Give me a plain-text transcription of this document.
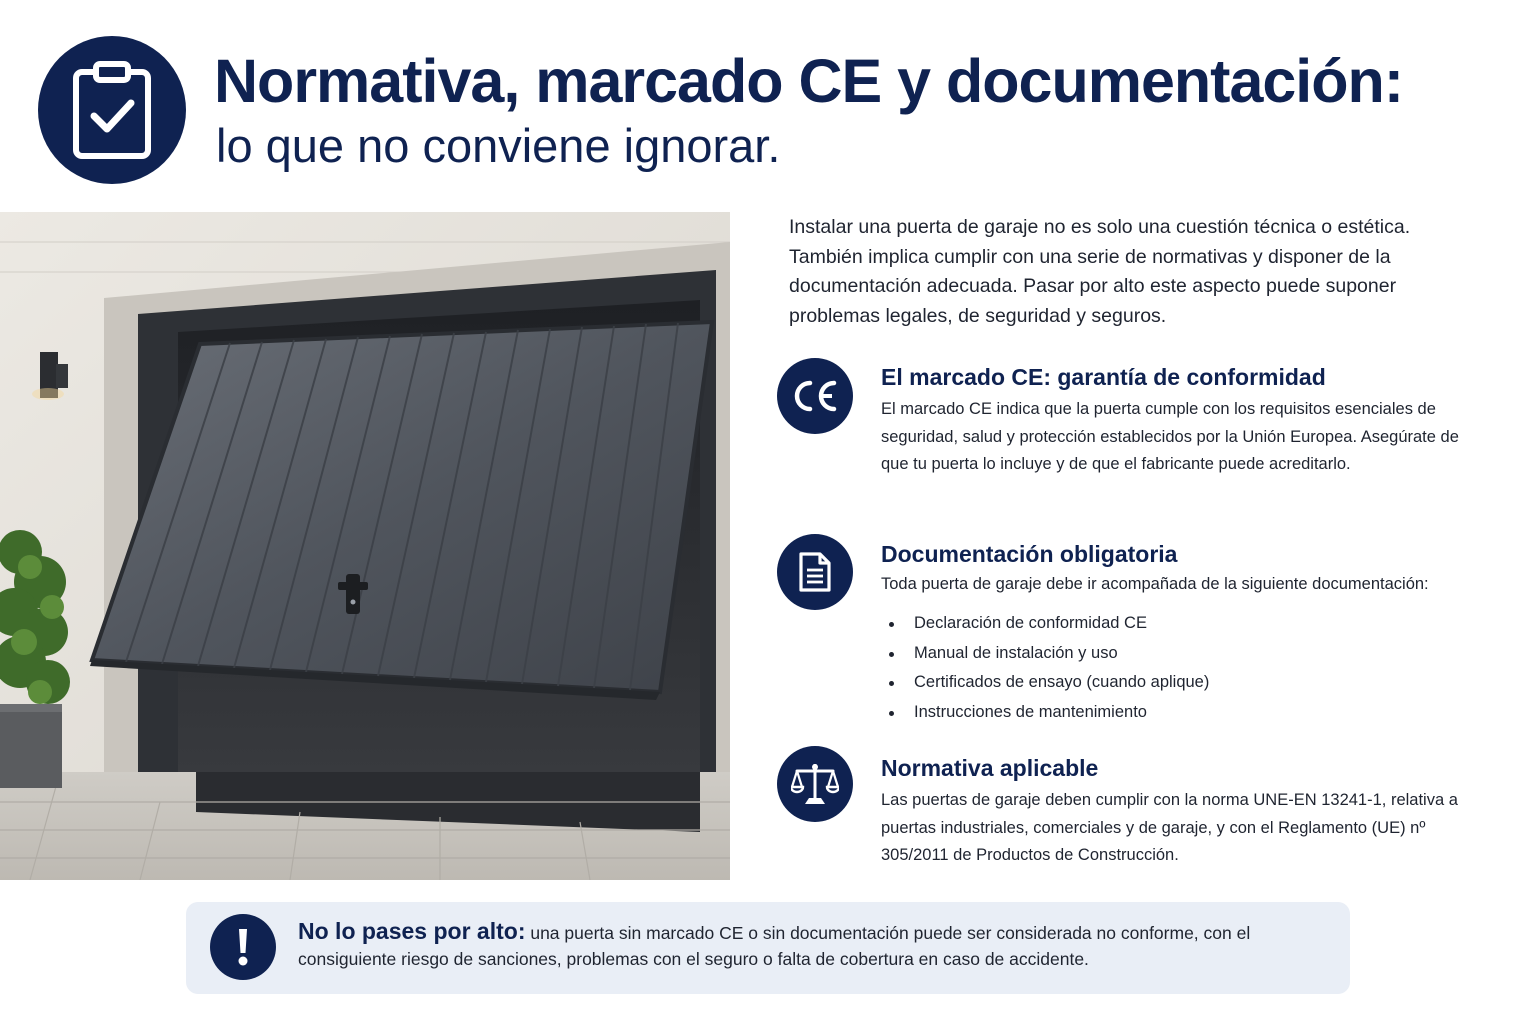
Normativa, marcado CE y documentación:
lo que no conviene ignorar.

Instalar una puerta de garaje no es solo una cuestión técnica o estética. También implica cumplir con una serie de normativas y disponer de la documentación adecuada. Pasar por alto este aspecto puede suponer problemas legales, de seguridad y seguros.

El marcado CE: garantía de conformidad

El marcado CE indica que la puerta cumple con los requisitos esenciales de seguridad, salud y protección establecidos por la Unión Europea. Asegúrate de que tu puerta lo incluye y de que el fabricante puede acreditarlo.

Documentación obligatoria

Toda puerta de garaje debe ir acompañada de la siguiente documentación:

Declaración de conformidad CE
Manual de instalación y uso
Certificados de ensayo (cuando aplique)
Instrucciones de mantenimiento
Normativa aplicable

Las puertas de garaje deben cumplir con la norma UNE-EN 13241-1, relativa a puertas industriales, comerciales y de garaje, y con el Reglamento (UE) nº 305/2011 de Productos de Construcción.

No lo pases por alto: una puerta sin marcado CE o sin documentación puede ser considerada no conforme, con el consiguiente riesgo de sanciones, problemas con el seguro o falta de cobertura en caso de accidente.
